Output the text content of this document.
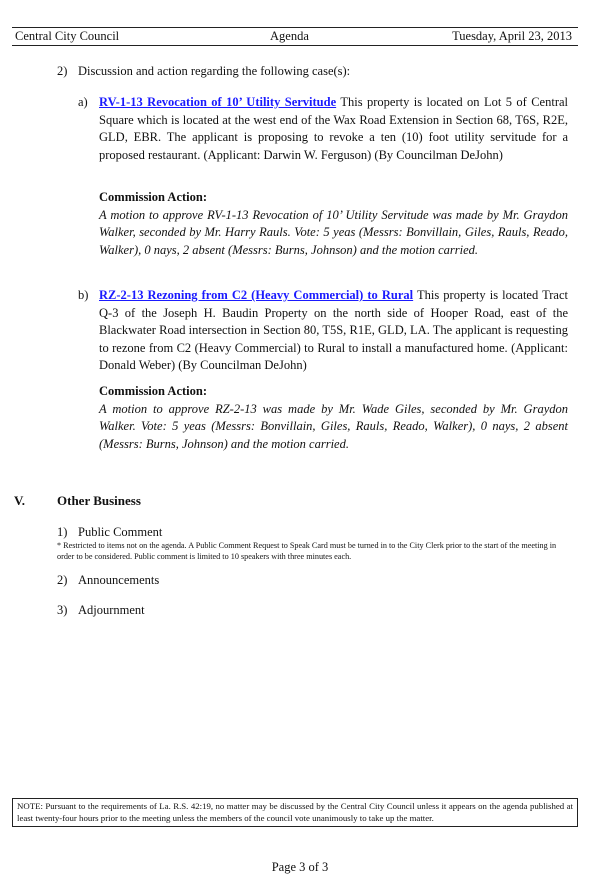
Central City Council	Agenda	Tuesday, April 23, 2013
2) Discussion and action regarding the following case(s):
a) RV-1-13 Revocation of 10’ Utility Servitude This property is located on Lot 5 of Central Square which is located at the west end of the Wax Road Extension in Section 68, T6S, R2E, GLD, EBR. The applicant is proposing to revoke a ten (10) foot utility servitude for a proposed restaurant. (Applicant: Darwin W. Ferguson) (By Councilman DeJohn)
Commission Action:
A motion to approve RV-1-13 Revocation of 10’ Utility Servitude was made by Mr. Graydon Walker, seconded by Mr. Harry Rauls. Vote: 5 yeas (Messrs: Bonvillain, Giles, Rauls, Reado, Walker), 0 nays, 2 absent (Messrs: Burns, Johnson) and the motion carried.
b) RZ-2-13 Rezoning from C2 (Heavy Commercial) to Rural This property is located Tract Q-3 of the Joseph H. Baudin Property on the north side of Hooper Road, east of the Blackwater Road intersection in Section 80, T5S, R1E, GLD, LA. The applicant is requesting to rezone from C2 (Heavy Commercial) to Rural to install a manufactured home. (Applicant: Donald Weber) (By Councilman DeJohn)
Commission Action:
A motion to approve RZ-2-13 was made by Mr. Wade Giles, seconded by Mr. Graydon Walker. Vote: 5 yeas (Messrs: Bonvillain, Giles, Rauls, Reado, Walker), 0 nays, 2 absent (Messrs: Burns, Johnson) and the motion carried.
V. Other Business
1) Public Comment
* Restricted to items not on the agenda. A Public Comment Request to Speak Card must be turned in to the City Clerk prior to the start of the meeting in order to be considered. Public comment is limited to 10 speakers with three minutes each.
2) Announcements
3) Adjournment
NOTE: Pursuant to the requirements of La. R.S. 42:19, no matter may be discussed by the Central City Council unless it appears on the agenda published at least twenty-four hours prior to the meeting unless the members of the council vote unanimously to take up the matter.
Page 3 of 3
